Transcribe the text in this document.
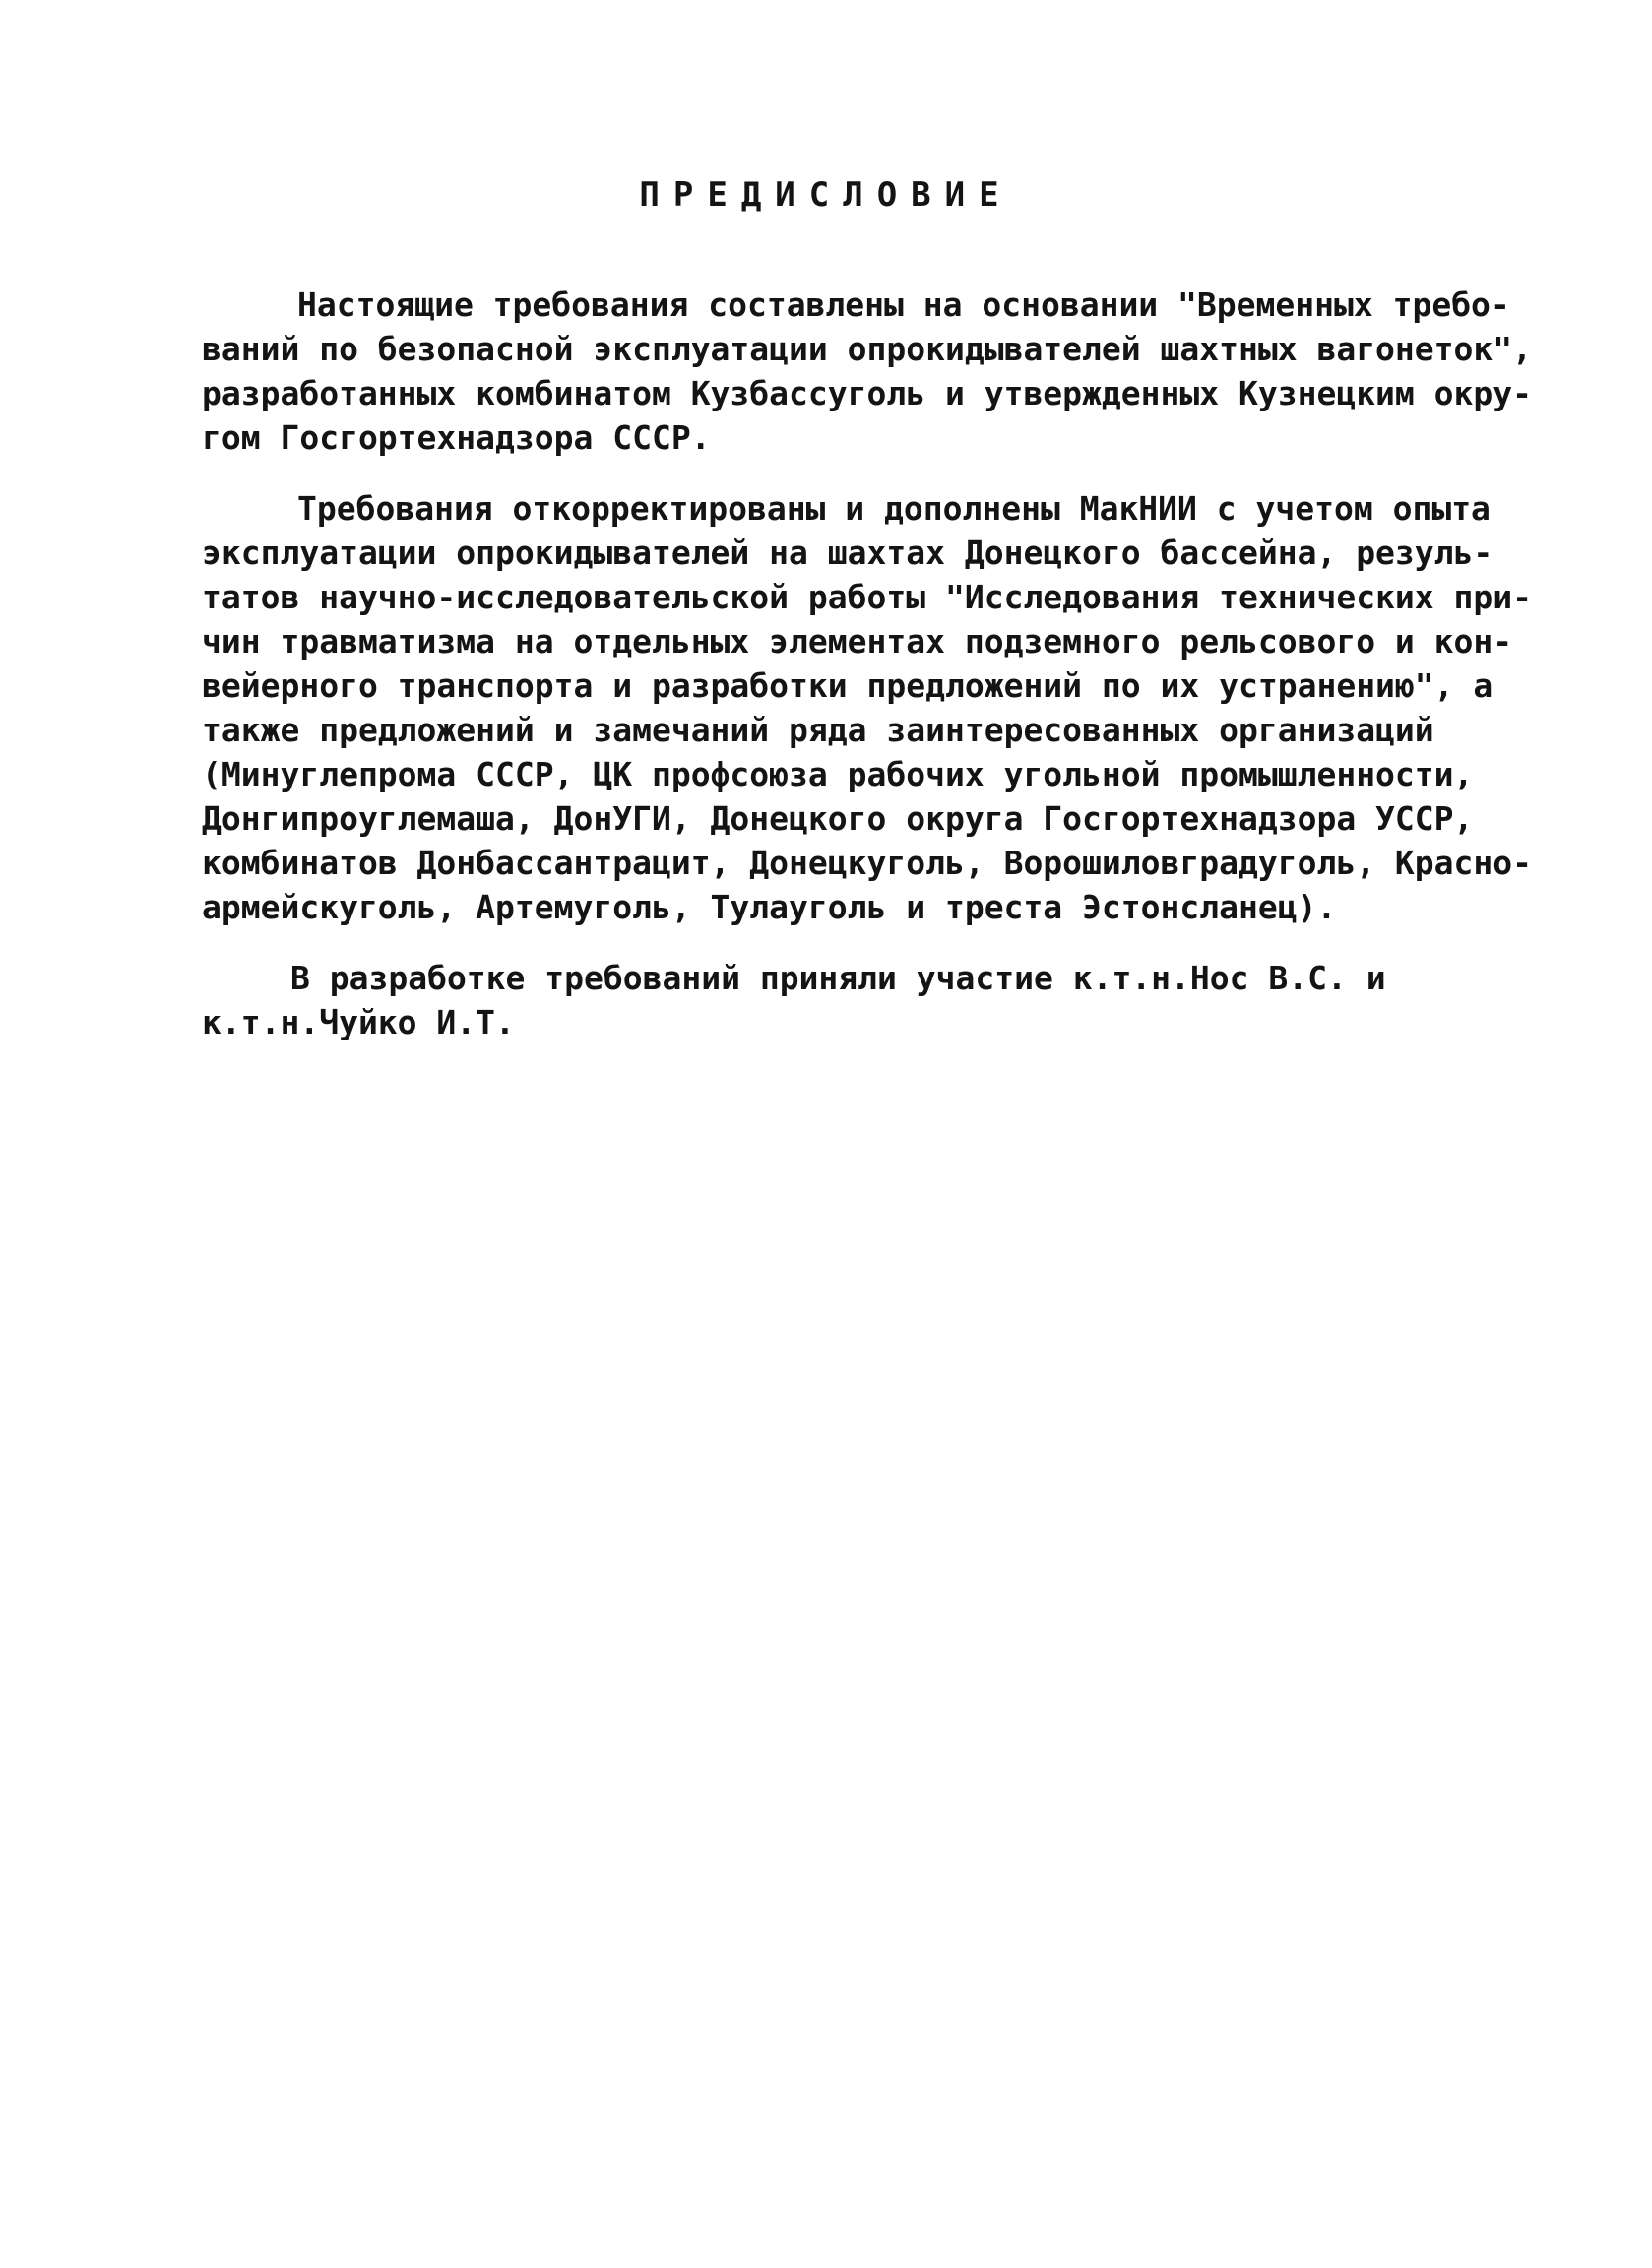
ПРЕДИСЛОВИЕ
Настоящие требования составлены на основании "Временных требо-
ваний по безопасной эксплуатации опрокидывателей шахтных вагонеток",
разработанных комбинатом Кузбассуголь и утвержденных Кузнецким окру-
гом Госгортехнадзора СССР.
Требования откорректированы и дополнены МакНИИ с учетом опыта
эксплуатации опрокидывателей на шахтах Донецкого бассейна, резуль-
татов научно-исследовательской работы "Исследования технических при-
чин травматизма на отдельных элементах подземного рельсового и кон-
вейерного транспорта и разработки предложений по их устранению", а
также предложений и замечаний ряда заинтересованных организаций
(Минуглепрома СССР, ЦК профсоюза рабочих угольной промышленности,
Донгипроуглемаша, ДонУГИ, Донецкого округа Госгортехнадзора УССР,
комбинатов Донбассантрацит, Донецкуголь, Ворошиловградуголь, Красно-
армейскуголь, Артемуголь, Тулауголь и треста Эстонсланец).
В разработке требований приняли участие к.т.н.Нос В.С. и
к.т.н.Чуйко И.Т.
